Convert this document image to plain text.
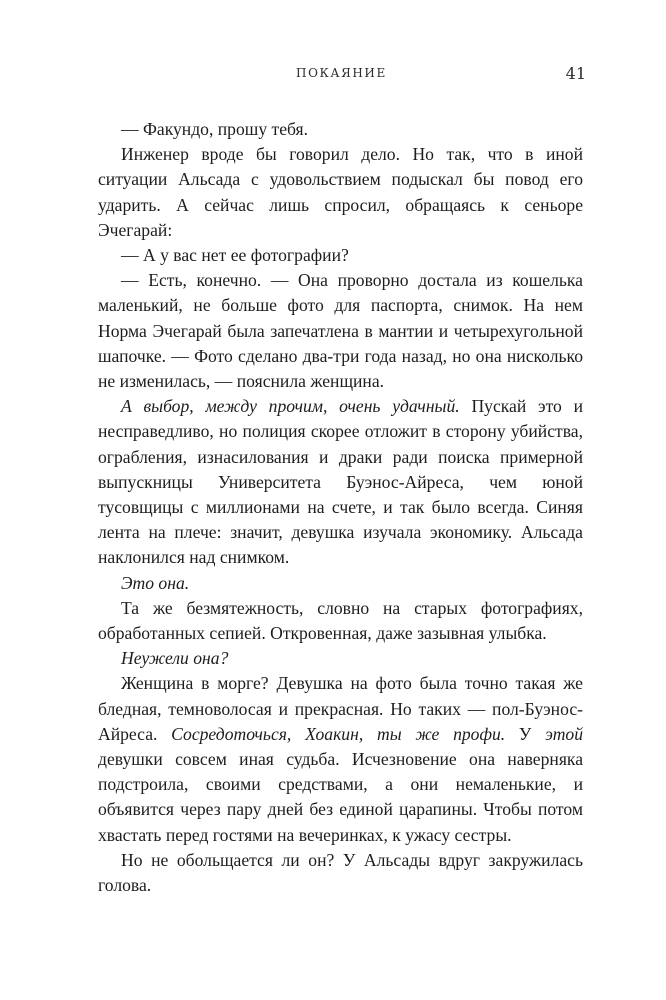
ПОКАЯНИЕ	41

— Факундо, прошу тебя.

Инженер вроде бы говорил дело. Но так, что в иной ситуации Альсада с удовольствием подыскал бы повод его ударить. А сейчас лишь спросил, обращаясь к сеньоре Эчегарай:

— А у вас нет ее фотографии?

— Есть, конечно. — Она проворно достала из кошелька маленький, не больше фото для паспорта, снимок. На нем Норма Эчегарай была запечатлена в мантии и четырехугольной шапочке. — Фото сделано два-три года назад, но она нисколько не изменилась, — пояснила женщина.

А выбор, между прочим, очень удачный. Пускай это и несправедливо, но полиция скорее отложит в сторону убийства, ограбления, изнасилования и драки ради поиска примерной выпускницы Университета Буэнос-Айреса, чем юной тусовщицы с миллионами на счете, и так было всегда. Синяя лента на плече: значит, девушка изучала экономику. Альсада наклонился над снимком.

Это она.

Та же безмятежность, словно на старых фотографиях, обработанных сепией. Откровенная, даже зазывная улыбка.

Неужели она?

Женщина в морге? Девушка на фото была точно такая же бледная, темноволосая и прекрасная. Но таких — пол-Буэнос-Айреса. Сосредоточься, Хоакин, ты же профи. У этой девушки совсем иная судьба. Исчезновение она наверняка подстроила, своими средствами, а они немаленькие, и объявится через пару дней без единой царапины. Чтобы потом хвастать перед гостями на вечеринках, к ужасу сестры.

Но не обольщается ли он? У Альсады вдруг закружилась голова.
